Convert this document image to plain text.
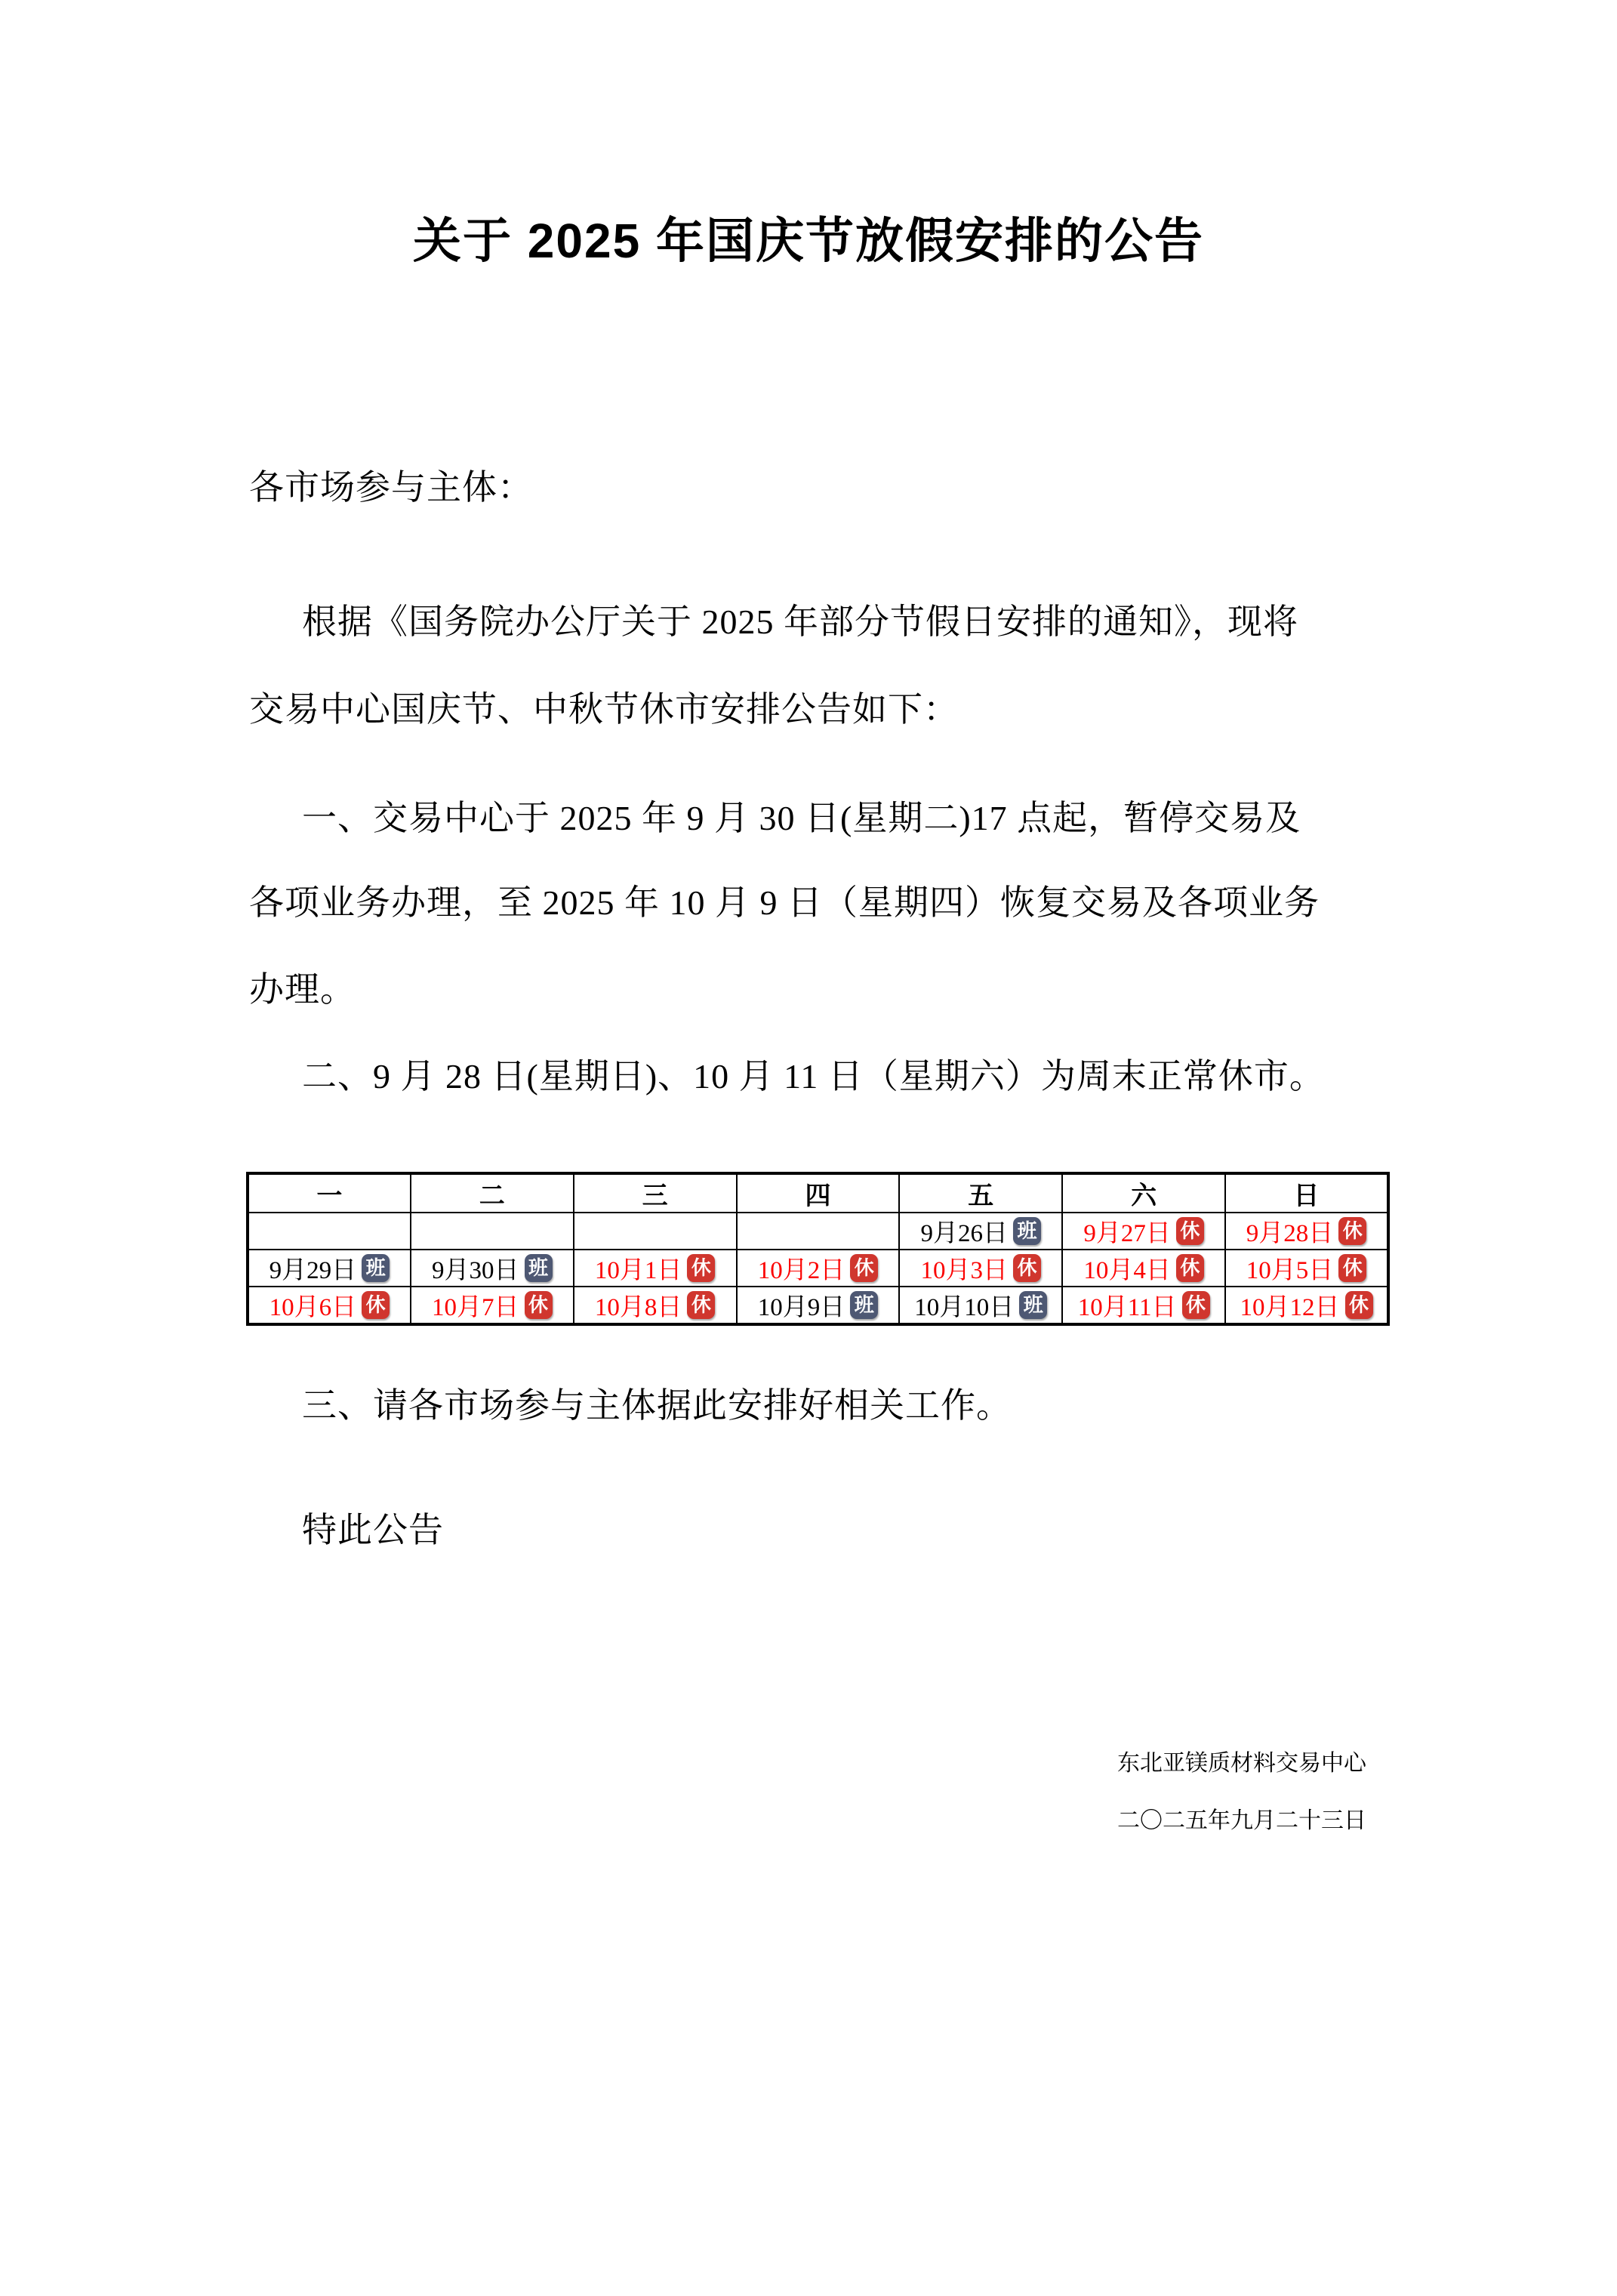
关于 2025 年国庆节放假安排的公告
各市场参与主体：
根据《国务院办公厅关于 2025 年部分节假日安排的通知》，现将
交易中心国庆节、中秋节休市安排公告如下：
一、交易中心于 2025 年 9 月 30 日(星期二)17 点起，暂停交易及
各项业务办理，至 2025 年 10 月 9 日（星期四）恢复交易及各项业务
办理。
二、9 月 28 日(星期日)、10 月 11 日（星期六）为周末正常休市。
一	二	三	四	五	六	日
				9月26日 班	9月27日 休	9月28日 休
9月29日 班	9月30日 班	10月1日 休	10月2日 休	10月3日 休	10月4日 休	10月5日 休
10月6日 休	10月7日 休	10月8日 休	10月9日 班	10月10日 班	10月11日 休	10月12日 休
三、请各市场参与主体据此安排好相关工作。
特此公告
东北亚镁质材料交易中心
二〇二五年九月二十三日
